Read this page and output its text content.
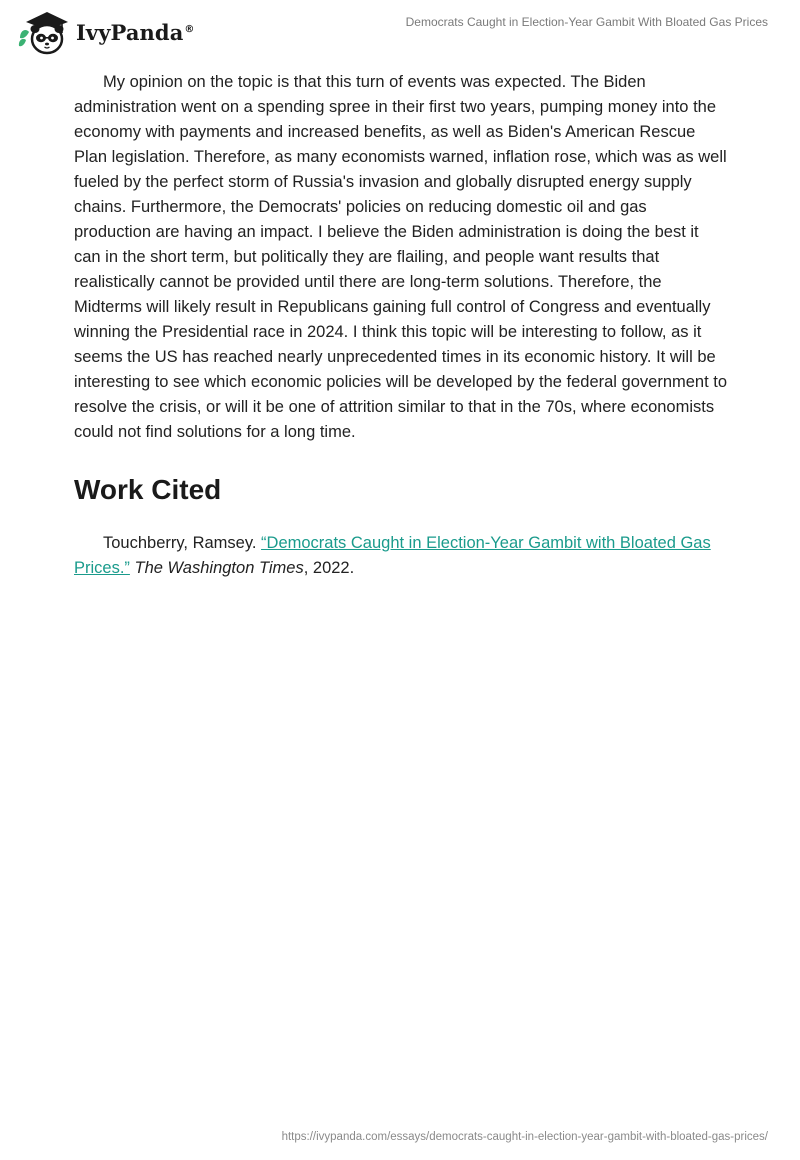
IvyPanda®	Democrats Caught in Election-Year Gambit With Bloated Gas Prices

My opinion on the topic is that this turn of events was expected. The Biden administration went on a spending spree in their first two years, pumping money into the economy with payments and increased benefits, as well as Biden's American Rescue Plan legislation. Therefore, as many economists warned, inflation rose, which was as well fueled by the perfect storm of Russia's invasion and globally disrupted energy supply chains. Furthermore, the Democrats' policies on reducing domestic oil and gas production are having an impact. I believe the Biden administration is doing the best it can in the short term, but politically they are flailing, and people want results that realistically cannot be provided until there are long-term solutions. Therefore, the Midterms will likely result in Republicans gaining full control of Congress and eventually winning the Presidential race in 2024. I think this topic will be interesting to follow, as it seems the US has reached nearly unprecedented times in its economic history. It will be interesting to see which economic policies will be developed by the federal government to resolve the crisis, or will it be one of attrition similar to that in the 70s, where economists could not find solutions for a long time.

Work Cited

Touchberry, Ramsey. “Democrats Caught in Election-Year Gambit with Bloated Gas Prices.” The Washington Times, 2022.

https://ivypanda.com/essays/democrats-caught-in-election-year-gambit-with-bloated-gas-prices/
